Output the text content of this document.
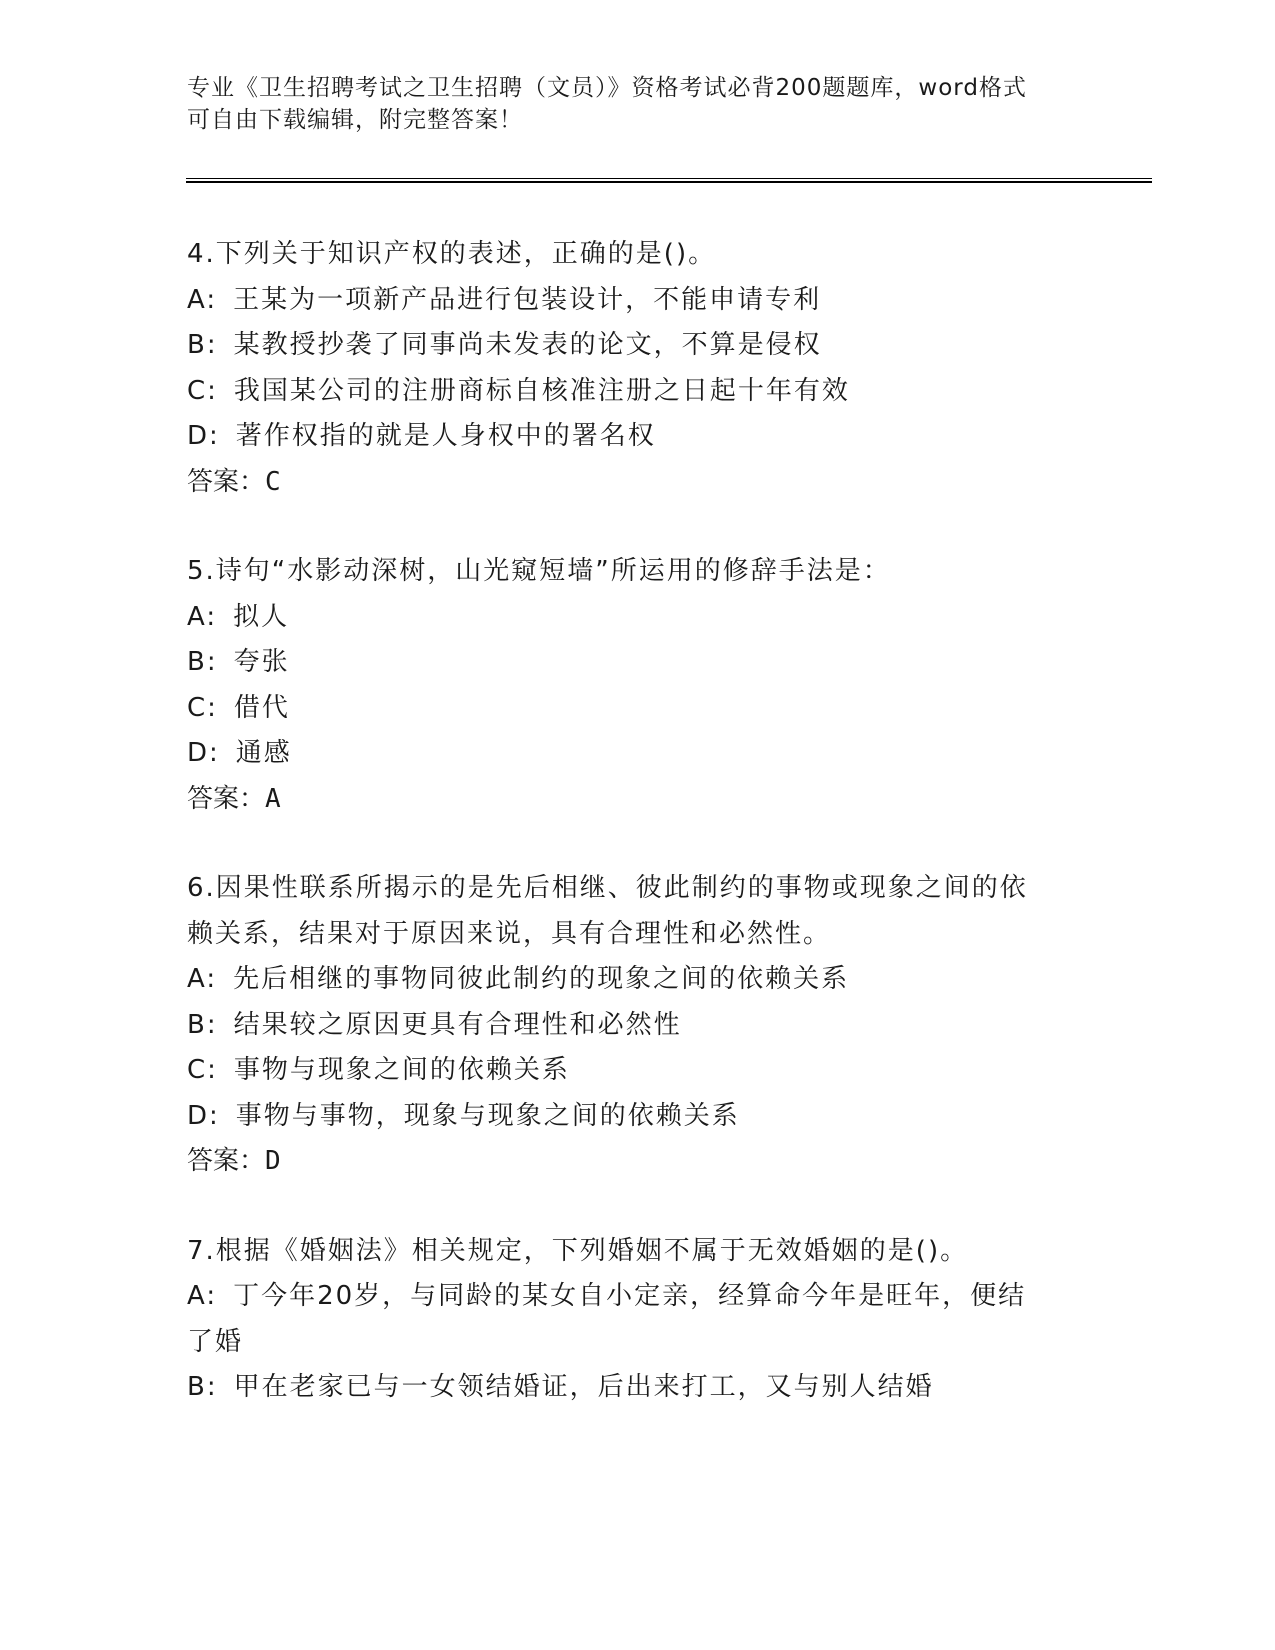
专业《卫生招聘考试之卫生招聘（文员）》资格考试必背200题题库，word格式
可自由下载编辑，附完整答案！
4.下列关于知识产权的表述，正确的是()。
A: 王某为一项新产品进行包装设计，不能申请专利
B: 某教授抄袭了同事尚未发表的论文，不算是侵权
C: 我国某公司的注册商标自核准注册之日起十年有效
D: 著作权指的就是人身权中的署名权
答案：C
5.诗句“水影动深树，山光窥短墙”所运用的修辞手法是：
A: 拟人
B: 夸张
C: 借代
D: 通感
答案：A
6.因果性联系所揭示的是先后相继、彼此制约的事物或现象之间的依
赖关系，结果对于原因来说，具有合理性和必然性。
A: 先后相继的事物同彼此制约的现象之间的依赖关系
B: 结果较之原因更具有合理性和必然性
C: 事物与现象之间的依赖关系
D: 事物与事物，现象与现象之间的依赖关系
答案：D
7.根据《婚姻法》相关规定，下列婚姻不属于无效婚姻的是()。
A: 丁今年20岁，与同龄的某女自小定亲，经算命今年是旺年，便结
了婚
B: 甲在老家已与一女领结婚证，后出来打工，又与别人结婚
